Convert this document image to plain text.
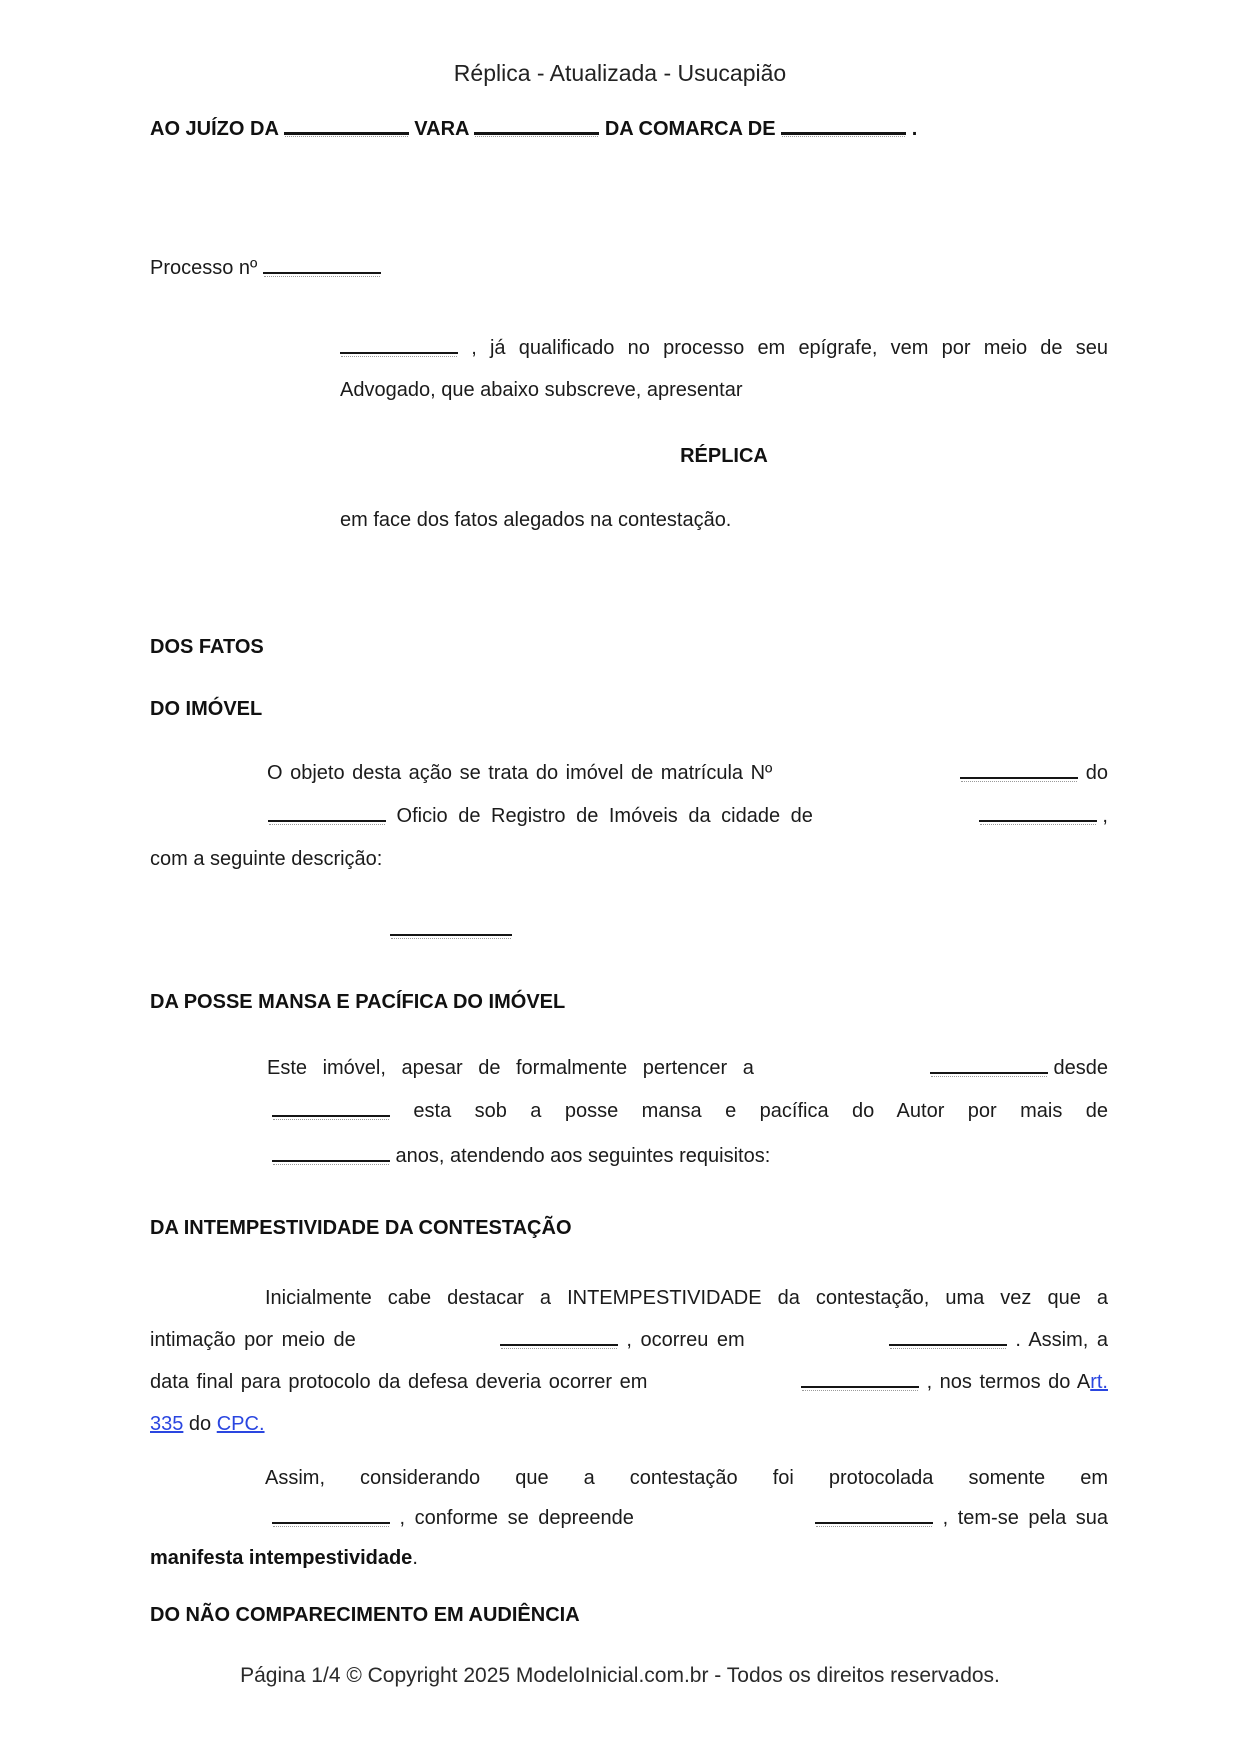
Réplica - Atualizada - Usucapião
AO JUÍZO DA	VARA	DA COMARCA DE	.
Processo nº
, já qualificado no processo em epígrafe, vem por meio de seu
Advogado, que abaixo subscreve, apresentar
RÉPLICA
em face dos fatos alegados na contestação.
DOS FATOS
DO IMÓVEL
O objeto desta ação se trata do imóvel de matrícula Nº	do
Oficio de Registro de Imóveis da cidade de	,
com a seguinte descrição:
DA POSSE MANSA E PACÍFICA DO IMÓVEL
Este imóvel, apesar de formalmente pertencer a	desde
esta sob a posse mansa e pacífica do Autor por mais de
anos, atendendo aos seguintes requisitos:
DA INTEMPESTIVIDADE DA CONTESTAÇÃO
Inicialmente cabe destacar a INTEMPESTIVIDADE da contestação, uma vez que a
intimação por meio de	, ocorreu em	. Assim, a
data final para protocolo da defesa deveria ocorrer em	, nos termos do A rt.
335 do CPC.
Assim, considerando que a contestação foi protocolada somente em
, conforme se depreende	, tem-se pela sua
manifesta intempestividade.
DO NÃO COMPARECIMENTO EM AUDIÊNCIA
Página 1/4 © Copyright 2025 ModeloInicial.com.br - Todos os direitos reservados.
